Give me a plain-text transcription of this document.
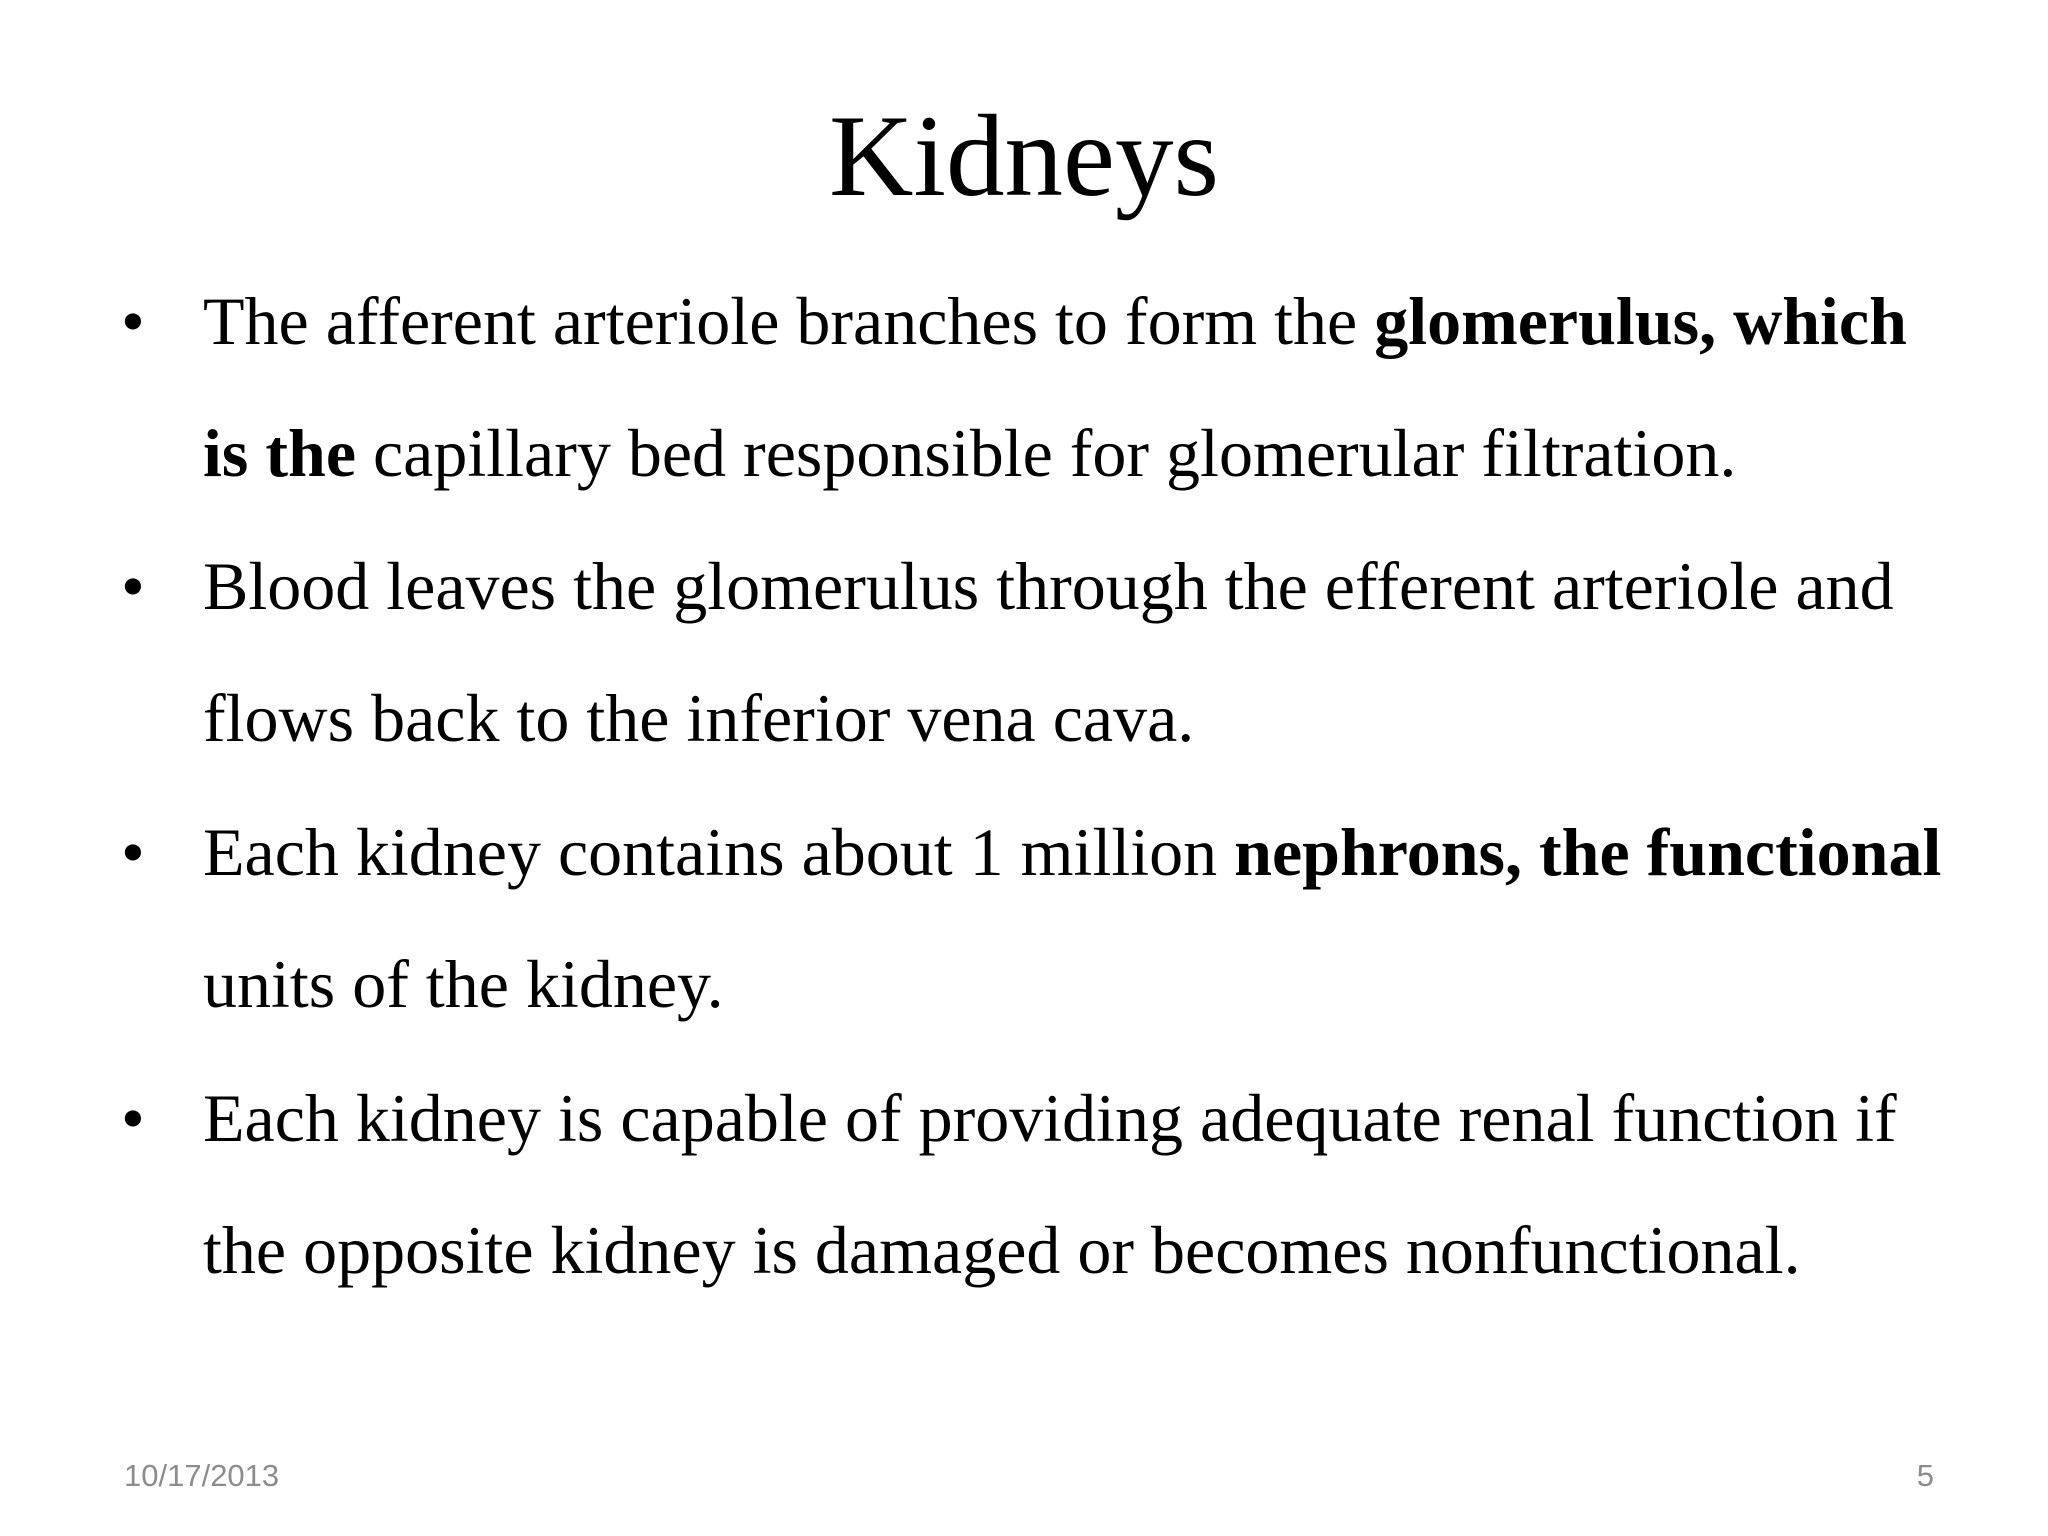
Kidneys
• The afferent arteriole branches to form the glomerulus, which
is the capillary bed responsible for glomerular filtration.
• Blood leaves the glomerulus through the efferent arteriole and
flows back to the inferior vena cava.
• Each kidney contains about 1 million nephrons, the functional
units of the kidney.
• Each kidney is capable of providing adequate renal function if
the opposite kidney is damaged or becomes nonfunctional.
10/17/2013	5
